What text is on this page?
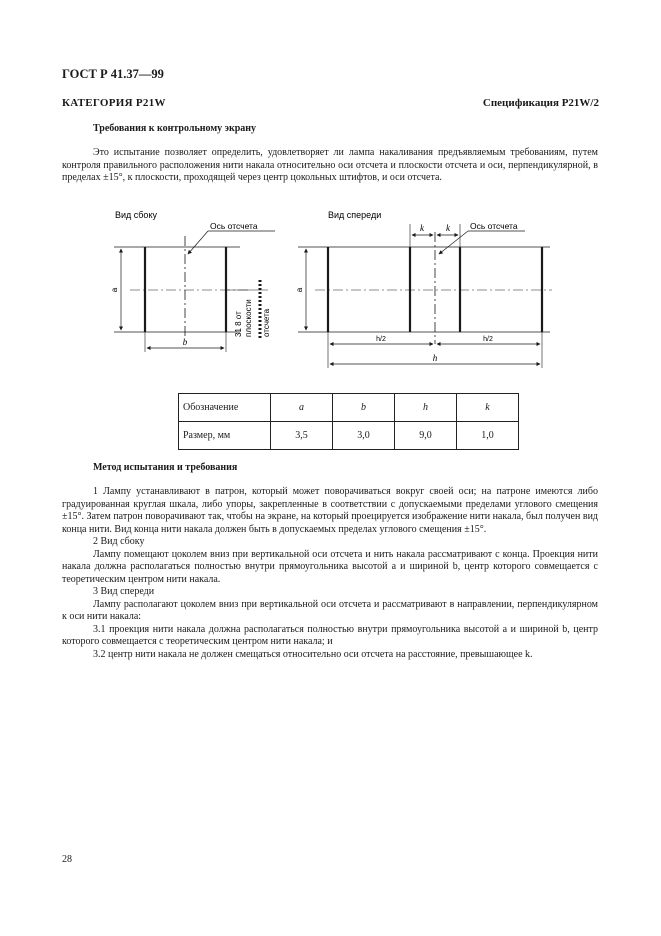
ГОСТ Р 41.37—99
КАТЕГОРИЯ P21W	Спецификация P21W/2
Требования к контрольному экрану
Это испытание позволяет определить, удовлетворяет ли лампа накаливания предъявляемым требованиям, путем контроля правильного расположения нити накала относительно оси отсчета и плоскости отсчета и оси, перпендикулярной, в пределах ±15°, к плоскости, проходящей через центр цокольных штифтов, и оси отсчета.
Вид сбоку
a
b
Ось отсчета
31 8 от плоскости отсчета
Вид спереди
a
k k Ось отсчета
h/2	h/2
h
Обозначение	a	b	h	k
Размер, мм	3,5	3,0	9,0	1,0
Метод испытания и требования

1 Лампу устанавливают в патрон, который может поворачиваться вокруг своей оси; на патроне имеются либо градуированная круглая шкала, либо упоры, закрепленные в соответствии с допускаемыми пределами углового смещения ±15°. Затем патрон поворачивают так, чтобы на экране, на который проецируется изображение нити накала, был получен вид конца нити. Вид конца нити накала должен быть в допускаемых пределах углового смещения ±15°.

2 Вид сбоку

Лампу помещают цоколем вниз при вертикальной оси отсчета и нить накала рассматривают с конца. Проекция нити накала должна располагаться полностью внутри прямоугольника высотой a и шириной b, центр которого совмещается с теоретическим центром нити накала.

3 Вид спереди

Лампу располагают цоколем вниз при вертикальной оси отсчета и рассматривают в направлении, перпендикулярном к оси нити накала:

3.1 проекция нити накала должна располагаться полностью внутри прямоугольника высотой a и шириной b, центр которого совмещается с теоретическим центром нити накала; и

3.2 центр нити накала не должен смещаться относительно оси отсчета на расстояние, превышающее k.

28
